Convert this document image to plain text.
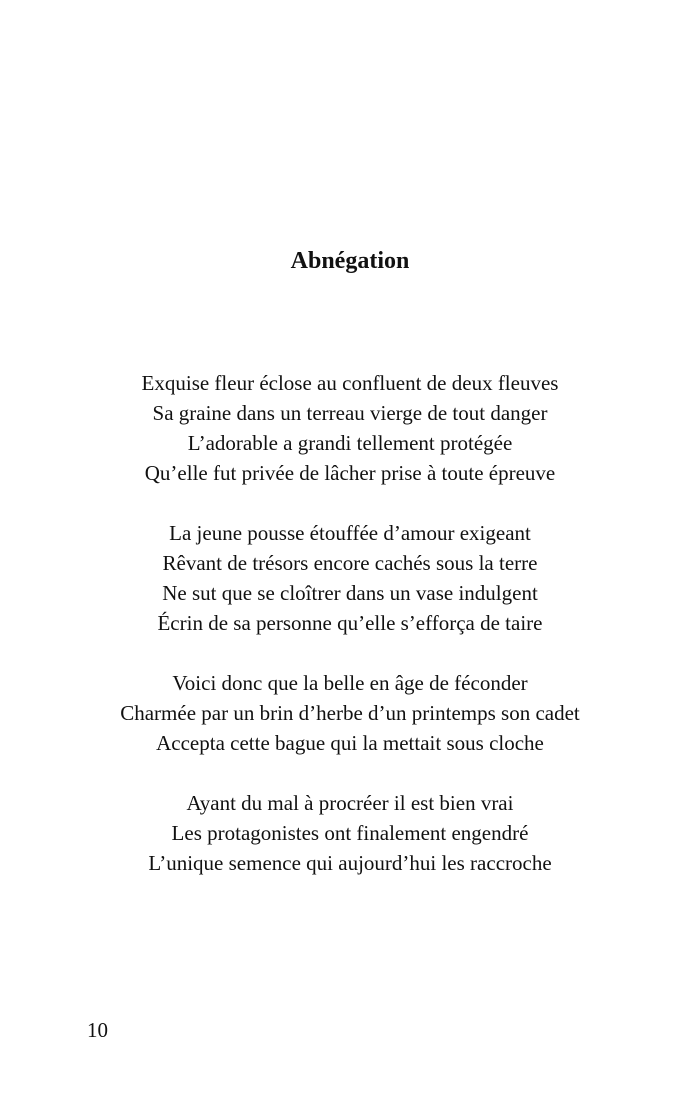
Abnégation

Exquise fleur éclose au confluent de deux fleuves
Sa graine dans un terreau vierge de tout danger
L’adorable a grandi tellement protégée
Qu’elle fut privée de lâcher prise à toute épreuve

La jeune pousse étouffée d’amour exigeant
Rêvant de trésors encore cachés sous la terre
Ne sut que se cloîtrer dans un vase indulgent
Écrin de sa personne qu’elle s’efforça de taire

Voici donc que la belle en âge de féconder
Charmée par un brin d’herbe d’un printemps son cadet
Accepta cette bague qui la mettait sous cloche

Ayant du mal à procréer il est bien vrai
Les protagonistes ont finalement engendré
L’unique semence qui aujourd’hui les raccroche

10
